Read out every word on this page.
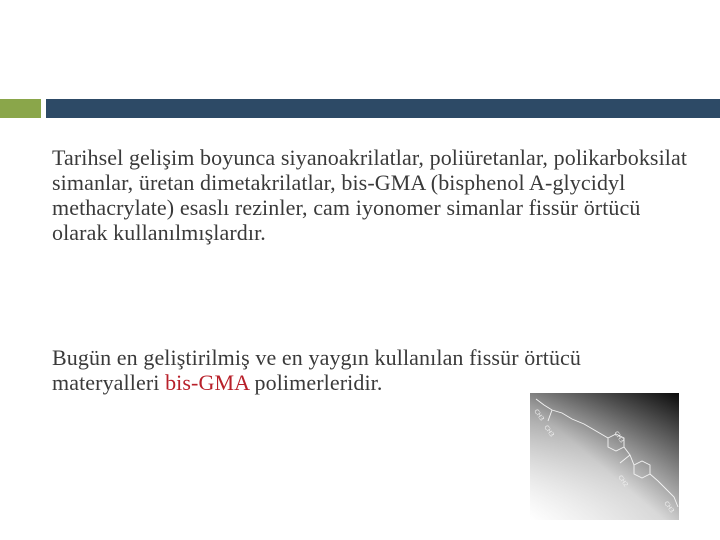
Tarihsel gelişim boyunca siyanoakrilatlar, poliüretanlar, polikarboksilat simanlar, üretan dimetakrilatlar, bis-GMA (bisphenol A-glycidyl methacrylate) esaslı rezinler, cam iyonomer simanlar fissür örtücü olarak kullanılmışlardır.

Bugün en geliştirilmiş ve en yaygın kullanılan fissür örtücü materyalleri bis-GMA polimerleridir.

CH3
CH3	CH3
CH2
CH3
